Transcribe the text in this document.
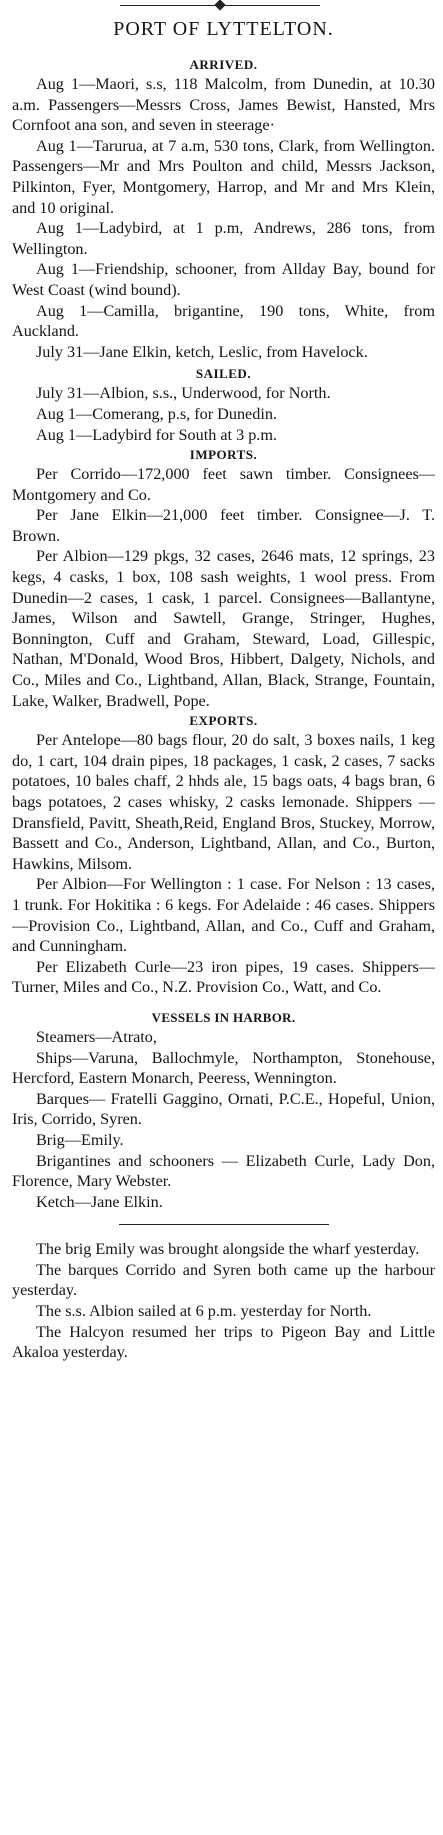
PORT OF LYTTELTON.
ARRIVED.

Aug 1—Maori, s.s, 118 Malcolm, from Dunedin, at 10.30 a.m. Passengers—Messrs Cross, James Bewist, Hansted, Mrs Cornfoot ana son, and seven in steerage·

Aug 1—Tarurua, at 7 a.m, 530 tons, Clark, from Wellington. Passengers—Mr and Mrs Poulton and child, Messrs Jackson, Pilkinton, Fyer, Montgomery, Harrop, and Mr and Mrs Klein, and 10 original.

Aug 1—Ladybird, at 1 p.m, Andrews, 286 tons, from Wellington.

Aug 1—Friendship, schooner, from Allday Bay, bound for West Coast (wind bound).

Aug 1—Camilla, brigantine, 190 tons, White, from Auckland.

July 31—Jane Elkin, ketch, Leslic, from Havelock.

SAILED.

July 31—Albion, s.s., Underwood, for North.

Aug 1—Comerang, p.s, for Dunedin.

Aug 1—Ladybird for South at 3 p.m.

IMPORTS.

Per Corrido—172,000 feet sawn timber. Consignees—Montgomery and Co.

Per Jane Elkin—21,000 feet timber. Consignee—J. T. Brown.

Per Albion—129 pkgs, 32 cases, 2646 mats, 12 springs, 23 kegs, 4 casks, 1 box, 108 sash weights, 1 wool press. From Dunedin—2 cases, 1 cask, 1 parcel. Consignees—Ballantyne, James, Wilson and Sawtell, Grange, Stringer, Hughes, Bonnington, Cuff and Graham, Steward, Load, Gillespic, Nathan, M'Donald, Wood Bros, Hibbert, Dalgety, Nichols, and Co., Miles and Co., Lightband, Allan, Black, Strange, Fountain, Lake, Walker, Bradwell, Pope.

EXPORTS.

Per Antelope—80 bags flour, 20 do salt, 3 boxes nails, 1 keg do, 1 cart, 104 drain pipes, 18 packages, 1 cask, 2 cases, 7 sacks potatoes, 10 bales chaff, 2 hhds ale, 15 bags oats, 4 bags bran, 6 bags potatoes, 2 cases whisky, 2 casks lemonade. Shippers —Dransfield, Pavitt, Sheath,Reid, England Bros, Stuckey, Morrow, Bassett and Co., Anderson, Lightband, Allan, and Co., Burton, Hawkins, Milsom.

Per Albion—For Wellington : 1 case. For Nelson : 13 cases, 1 trunk. For Hokitika : 6 kegs. For Adelaide : 46 cases. Shippers—Provision Co., Lightband, Allan, and Co., Cuff and Graham, and Cunningham.

Per Elizabeth Curle—23 iron pipes, 19 cases. Shippers—Turner, Miles and Co., N.Z. Provision Co., Watt, and Co.

VESSELS IN HARBOR.

Steamers—Atrato,

Ships—Varuna, Ballochmyle, Northampton, Stonehouse, Hercford, Eastern Monarch, Peeress, Wennington.

Barques— Fratelli Gaggino, Ornati, P.C.E., Hopeful, Union, Iris, Corrido, Syren.

Brig—Emily.

Brigantines and schooners — Elizabeth Curle, Lady Don, Florence, Mary Webster.

Ketch—Jane Elkin.

The brig Emily was brought alongside the wharf yesterday.

The barques Corrido and Syren both came up the harbour yesterday.

The s.s. Albion sailed at 6 p.m. yesterday for North.

The Halcyon resumed her trips to Pigeon Bay and Little Akaloa yesterday.
